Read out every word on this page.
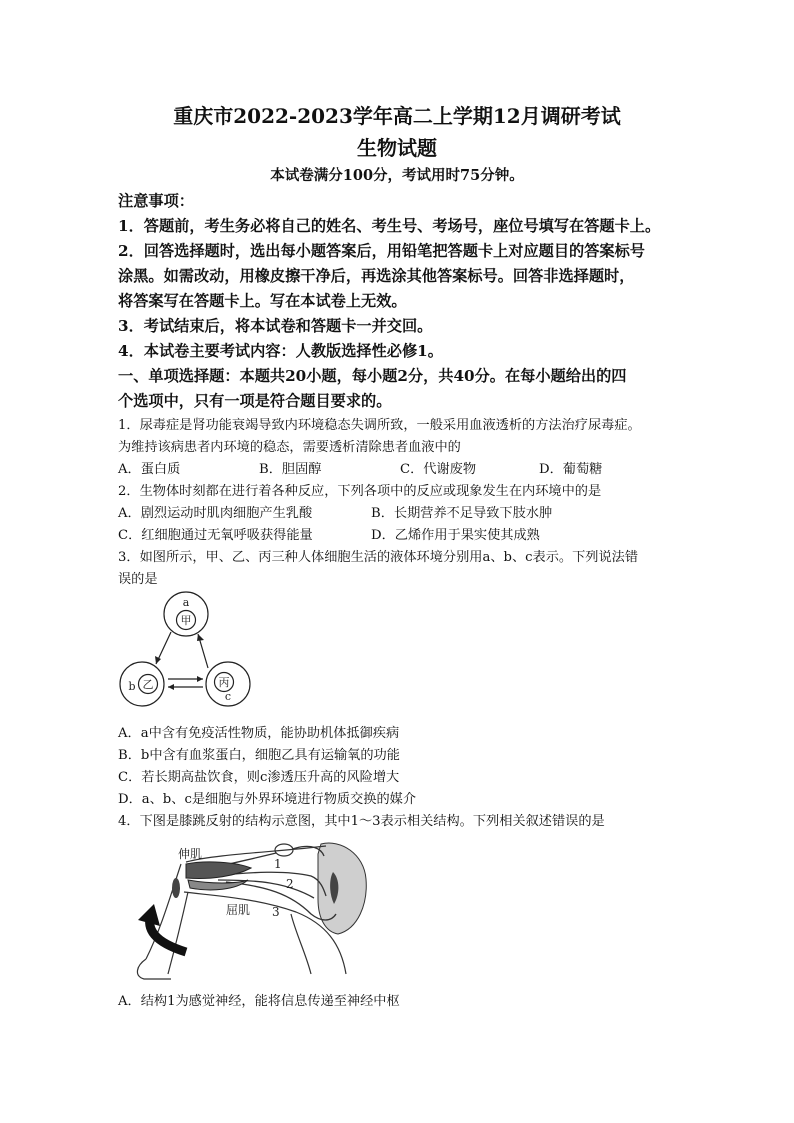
重庆市2022-2023学年高二上学期12月调研考试
生物试题
本试卷满分100分，考试用时75分钟。
注意事项：
1．答题前，考生务必将自己的姓名、考生号、考场号，座位号填写在答题卡上。
2．回答选择题时，选出每小题答案后，用铅笔把答题卡上对应题目的答案标号
涂黑。如需改动，用橡皮擦干净后，再选涂其他答案标号。回答非选择题时，
将答案写在答题卡上。写在本试卷上无效。
3．考试结束后，将本试卷和答题卡一并交回。
4．本试卷主要考试内容：人教版选择性必修1。
一、单项选择题：本题共20小题，每小题2分，共40分。在每小题给出的四
个选项中，只有一项是符合题目要求的。
1．尿毒症是肾功能衰竭导致内环境稳态失调所致，一般采用血液透析的方法治疗尿毒症。
为维持该病患者内环境的稳态，需要透析清除患者血液中的
A．蛋白质	B．胆固醇	C．代谢废物	D．葡萄糖
2．生物体时刻都在进行着各种反应，下列各项中的反应或现象发生在内环境中的是
A．剧烈运动时肌肉细胞产生乳酸	B．长期营养不足导致下肢水肿
C．红细胞通过无氧呼吸获得能量	D．乙烯作用于果实使其成熟
3．如图所示，甲、乙、丙三种人体细胞生活的液体环境分别用a、b、c表示。下列说法错
误的是
a
甲
乙
b	丙
c
A．a中含有免疫活性物质，能协助机体抵御疾病
B．b中含有血浆蛋白，细胞乙具有运输氧的功能
C．若长期高盐饮食，则c渗透压升高的风险增大
D．a、b、c是细胞与外界环境进行物质交换的媒介
4．下图是膝跳反射的结构示意图，其中1～3表示相关结构。下列相关叙述错误的是
伸肌
屈肌
1
2
3
A．结构1为感觉神经，能将信息传递至神经中枢
